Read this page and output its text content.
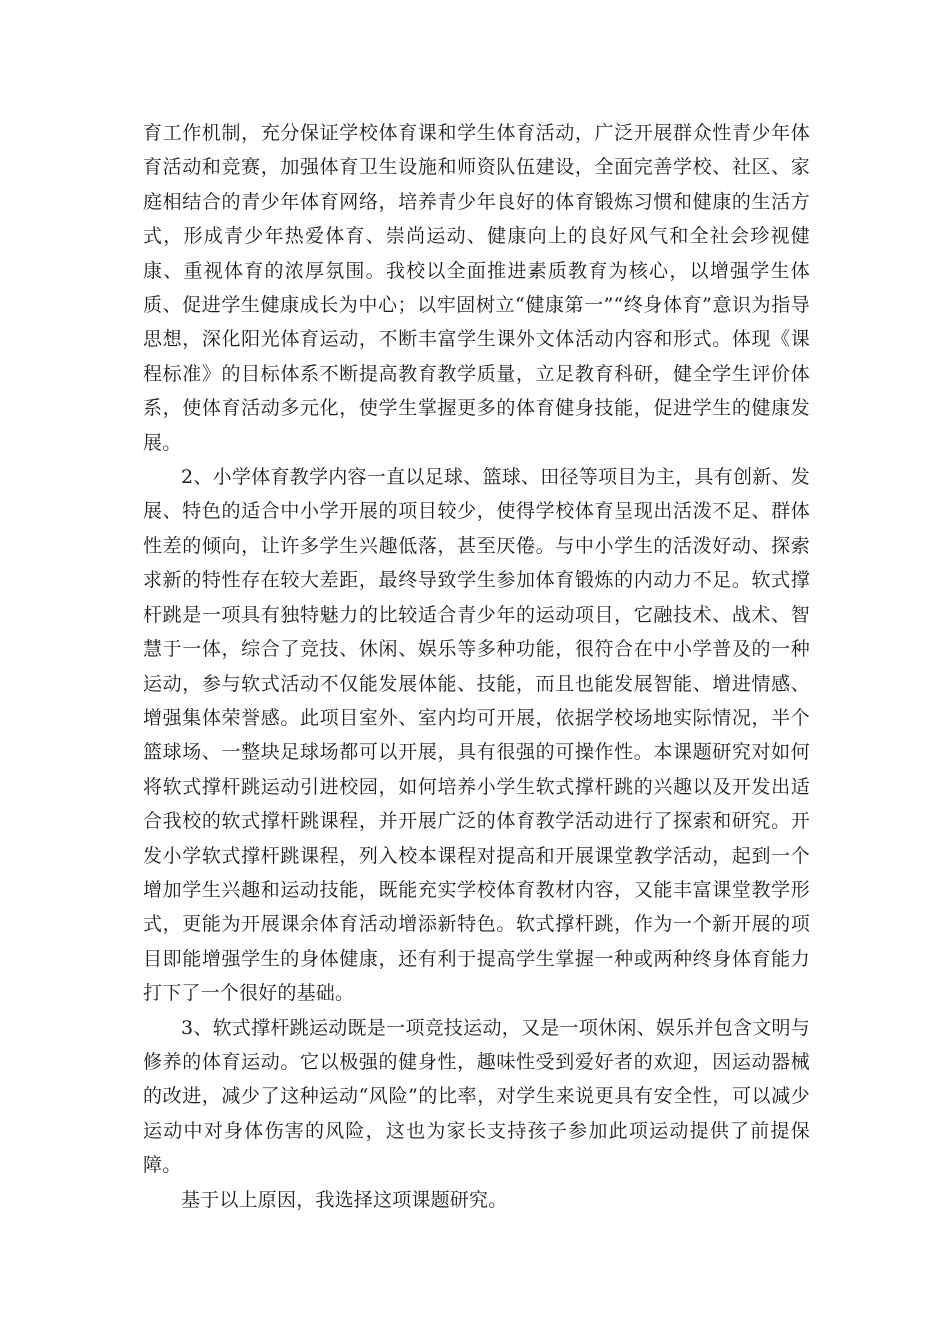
育工作机制，充分保证学校体育课和学生体育活动，广泛开展群众性青少年体育活动和竞赛，加强体育卫生设施和师资队伍建设，全面完善学校、社区、家庭相结合的青少年体育网络，培养青少年良好的体育锻炼习惯和健康的生活方式，形成青少年热爱体育、崇尚运动、健康向上的良好风气和全社会珍视健康、重视体育的浓厚氛围。我校以全面推进素质教育为核心，以增强学生体质、促进学生健康成长为中心；以牢固树立“健康第一”“终身体育”意识为指导思想，深化阳光体育运动，不断丰富学生课外文体活动内容和形式。体现《课程标准》的目标体系不断提高教育教学质量，立足教育科研，健全学生评价体系，使体育活动多元化，使学生掌握更多的体育健身技能，促进学生的健康发展。

2、小学体育教学内容一直以足球、篮球、田径等项目为主，具有创新、发展、特色的适合中小学开展的项目较少，使得学校体育呈现出活泼不足、群体性差的倾向，让许多学生兴趣低落，甚至厌倦。与中小学生的活泼好动、探索求新的特性存在较大差距，最终导致学生参加体育锻炼的内动力不足。软式撑杆跳是一项具有独特魅力的比较适合青少年的运动项目，它融技术、战术、智慧于一体，综合了竞技、休闲、娱乐等多种功能，很符合在中小学普及的一种运动，参与软式活动不仅能发展体能、技能，而且也能发展智能、增进情感、增强集体荣誉感。此项目室外、室内均可开展，依据学校场地实际情况，半个篮球场、一整块足球场都可以开展，具有很强的可操作性。本课题研究对如何将软式撑杆跳运动引进校园，如何培养小学生软式撑杆跳的兴趣以及开发出适合我校的软式撑杆跳课程，并开展广泛的体育教学活动进行了探索和研究。开发小学软式撑杆跳课程，列入校本课程对提高和开展课堂教学活动，起到一个增加学生兴趣和运动技能，既能充实学校体育教材内容，又能丰富课堂教学形式，更能为开展课余体育活动增添新特色。软式撑杆跳，作为一个新开展的项目即能增强学生的身体健康，还有利于提高学生掌握一种或两种终身体育能力打下了一个很好的基础。

3、软式撑杆跳运动既是一项竞技运动，又是一项休闲、娱乐并包含文明与修养的体育运动。它以极强的健身性，趣味性受到爱好者的欢迎，因运动器械的改进，减少了这种运动“风险”的比率，对学生来说更具有安全性，可以减少运动中对身体伤害的风险，这也为家长支持孩子参加此项运动提供了前提保障。

基于以上原因，我选择这项课题研究。
